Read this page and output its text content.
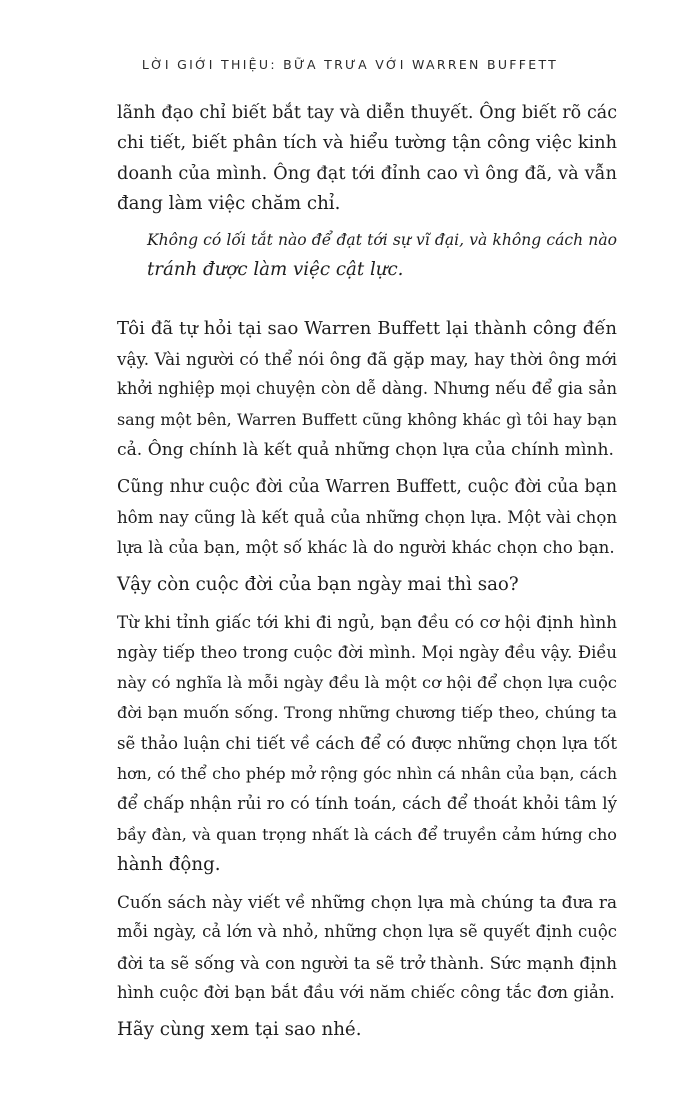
LỜI GIỚI THIỆU: BỮA TRƯA VỚI WARREN BUFFETT
lãnh đạo chỉ biết bắt tay và diễn thuyết. Ông biết rõ các
chi tiết, biết phân tích và hiểu tường tận công việc kinh
doanh của mình. Ông đạt tới đỉnh cao vì ông đã, và vẫn
đang làm việc chăm chỉ.
Không có lối tắt nào để đạt tới sự vĩ đại, và không cách nào
tránh được làm việc cật lực.
Tôi đã tự hỏi tại sao Warren Buffett lại thành công đến
vậy. Vài người có thể nói ông đã gặp may, hay thời ông mới
khởi nghiệp mọi chuyện còn dễ dàng. Nhưng nếu để gia sản
sang một bên, Warren Buffett cũng không khác gì tôi hay bạn
cả. Ông chính là kết quả những chọn lựa của chính mình.
Cũng như cuộc đời của Warren Buffett, cuộc đời của bạn
hôm nay cũng là kết quả của những chọn lựa. Một vài chọn
lựa là của bạn, một số khác là do người khác chọn cho bạn.
Vậy còn cuộc đời của bạn ngày mai thì sao?
Từ khi tỉnh giấc tới khi đi ngủ, bạn đều có cơ hội định hình
ngày tiếp theo trong cuộc đời mình. Mọi ngày đều vậy. Điều
này có nghĩa là mỗi ngày đều là một cơ hội để chọn lựa cuộc
đời bạn muốn sống. Trong những chương tiếp theo, chúng ta
sẽ thảo luận chi tiết về cách để có được những chọn lựa tốt
hơn, có thể cho phép mở rộng góc nhìn cá nhân của bạn, cách
để chấp nhận rủi ro có tính toán, cách để thoát khỏi tâm lý
bầy đàn, và quan trọng nhất là cách để truyền cảm hứng cho
hành động.
Cuốn sách này viết về những chọn lựa mà chúng ta đưa ra
mỗi ngày, cả lớn và nhỏ, những chọn lựa sẽ quyết định cuộc
đời ta sẽ sống và con người ta sẽ trở thành. Sức mạnh định
hình cuộc đời bạn bắt đầu với năm chiếc công tắc đơn giản.
Hãy cùng xem tại sao nhé.
